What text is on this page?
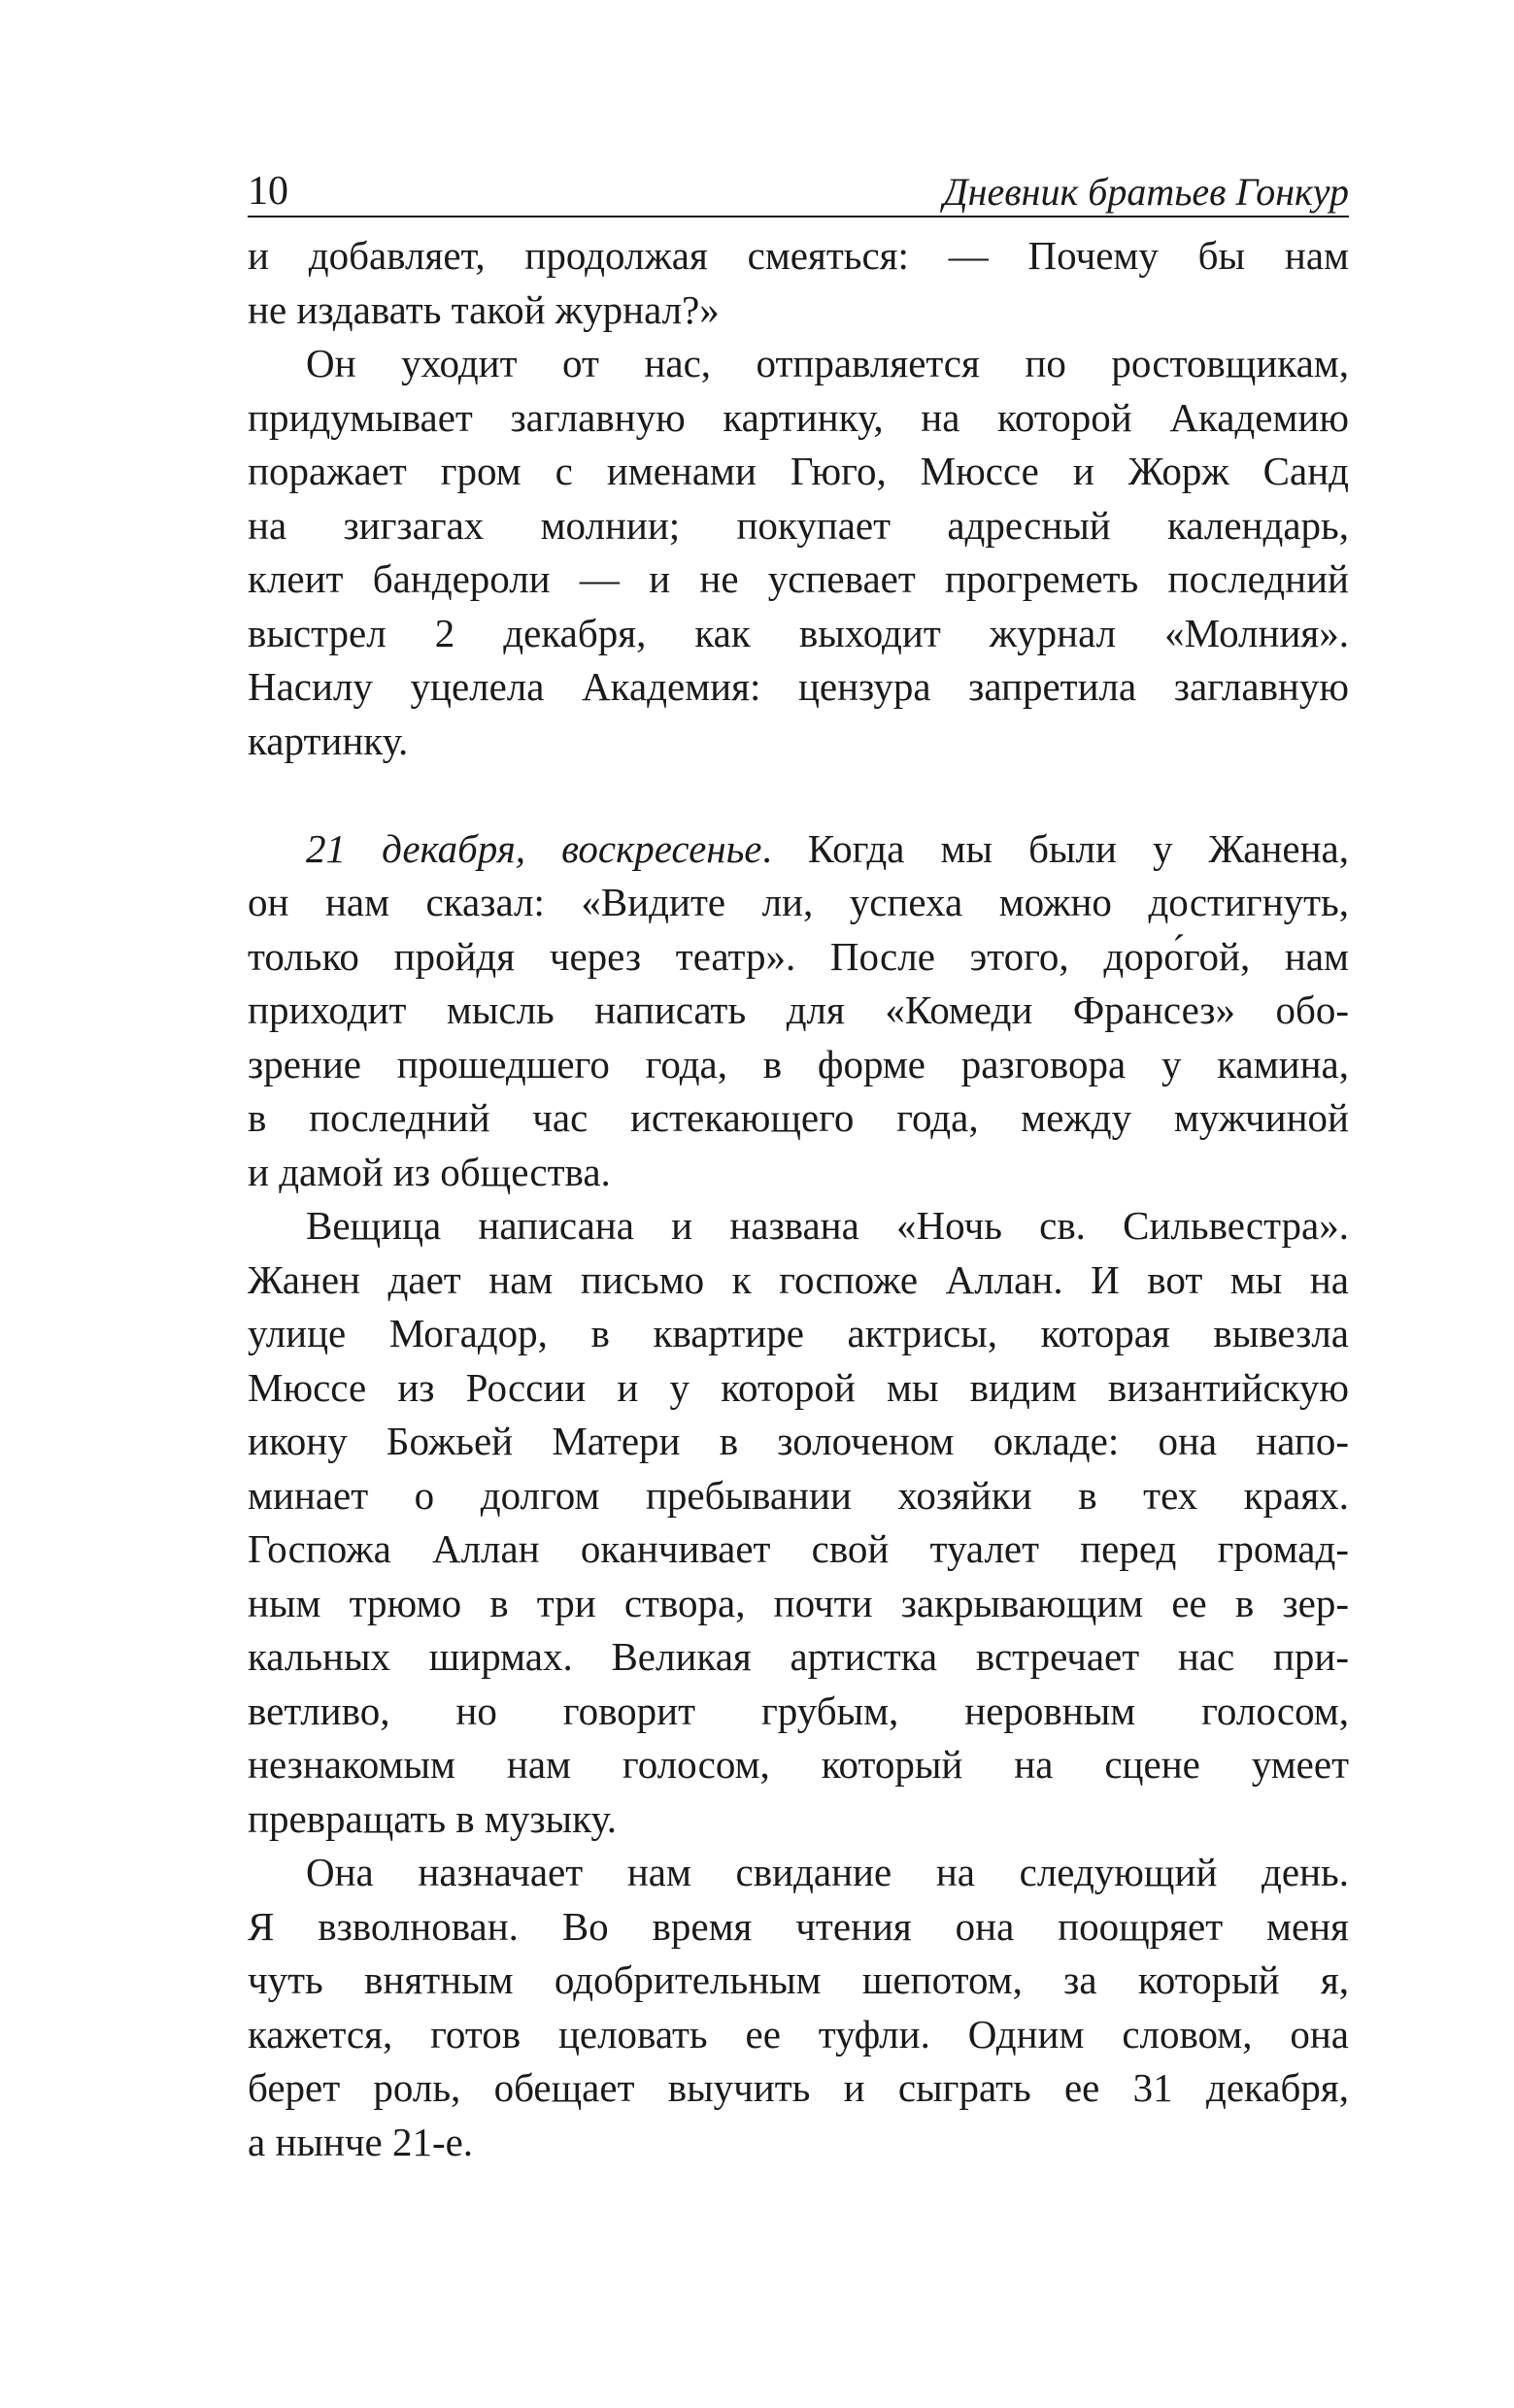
10	Дневник братьев Гонкур
и добавляет, продолжая смеяться: — Почему бы нам
не издавать такой журнал?»
Он уходит от нас, отправляется по ростовщикам,
придумывает заглавную картинку, на которой Академию
поражает гром с именами Гюго, Мюссе и Жорж Санд
на зигзагах молнии; покупает адресный календарь,
клеит бандероли — и не успевает прогреметь последний
выстрел 2 декабря, как выходит журнал «Молния».
Насилу уцелела Академия: цензура запретила заглавную
картинку.
21 декабря, воскресенье. Когда мы были у Жанена,
он нам сказал: «Видите ли, успеха можно достигнуть,
только пройдя через театр». После этого, доро́гой, нам
приходит мысль написать для «Комеди Франсез» обо-
зрение прошедшего года, в форме разговора у камина,
в последний час истекающего года, между мужчиной
и дамой из общества.
Вещица написана и названа «Ночь св. Сильвестра».
Жанен дает нам письмо к госпоже Аллан. И вот мы на
улице Могадор, в квартире актрисы, которая вывезла
Мюссе из России и у которой мы видим византийскую
икону Божьей Матери в золоченом окладе: она напо-
минает о долгом пребывании хозяйки в тех краях.
Госпожа Аллан оканчивает свой туалет перед громад-
ным трюмо в три створа, почти закрывающим ее в зер-
кальных ширмах. Великая артистка встречает нас при-
ветливо, но говорит грубым, неровным голосом,
незнакомым нам голосом, который на сцене умеет
превращать в музыку.
Она назначает нам свидание на следующий день.
Я взволнован. Во время чтения она поощряет меня
чуть внятным одобрительным шепотом, за который я,
кажется, готов целовать ее туфли. Одним словом, она
берет роль, обещает выучить и сыграть ее 31 декабря,
а нынче 21-е.
